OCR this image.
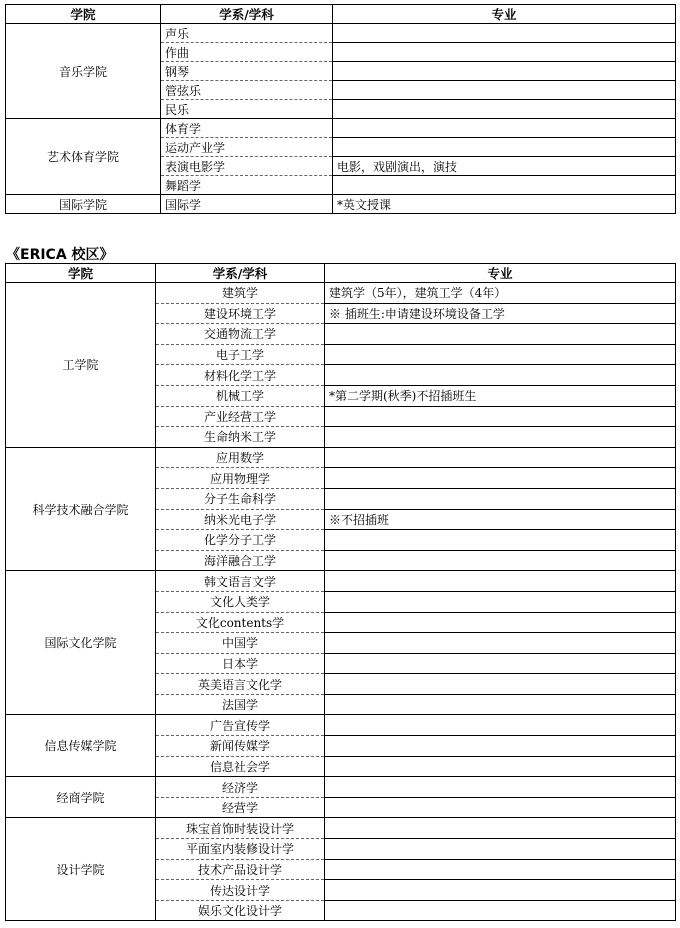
学院	学系/学科	专业
音乐学院	声乐	
	作曲	
	钢琴	
	管弦乐	
	民乐	
艺术体育学院	体育学	
	运动产业学	
	表演电影学	电影，戏剧演出，演技
	舞蹈学	
国际学院	国际学	*英文授课
《ERICA 校区》
学院	学系/学科	专业
工学院	建筑学	建筑学（5年），建筑工学（4年）
	建设环境工学	※ 插班生:申请建设环境设备工学
	交通物流工学	
	电子工学	
	材料化学工学	
	机械工学	*第二学期(秋季)不招插班生
	产业经营工学	
	生命纳米工学	
科学技术融合学院	应用数学	
	应用物理学	
	分子生命科学	
	纳米光电子学	※不招插班
	化学分子工学	
	海洋融合工学	
国际文化学院	韩文语言文学	
	文化人类学	
	文化contents学	
	中国学	
	日本学	
	英美语言文化学	
	法国学	
信息传媒学院	广告宣传学	
	新闻传媒学	
	信息社会学	
经商学院	经济学	
	经营学	
设计学院	珠宝首饰时装设计学	
	平面室内装修设计学	
	技术产品设计学	
	传达设计学	
	娱乐文化设计学	
